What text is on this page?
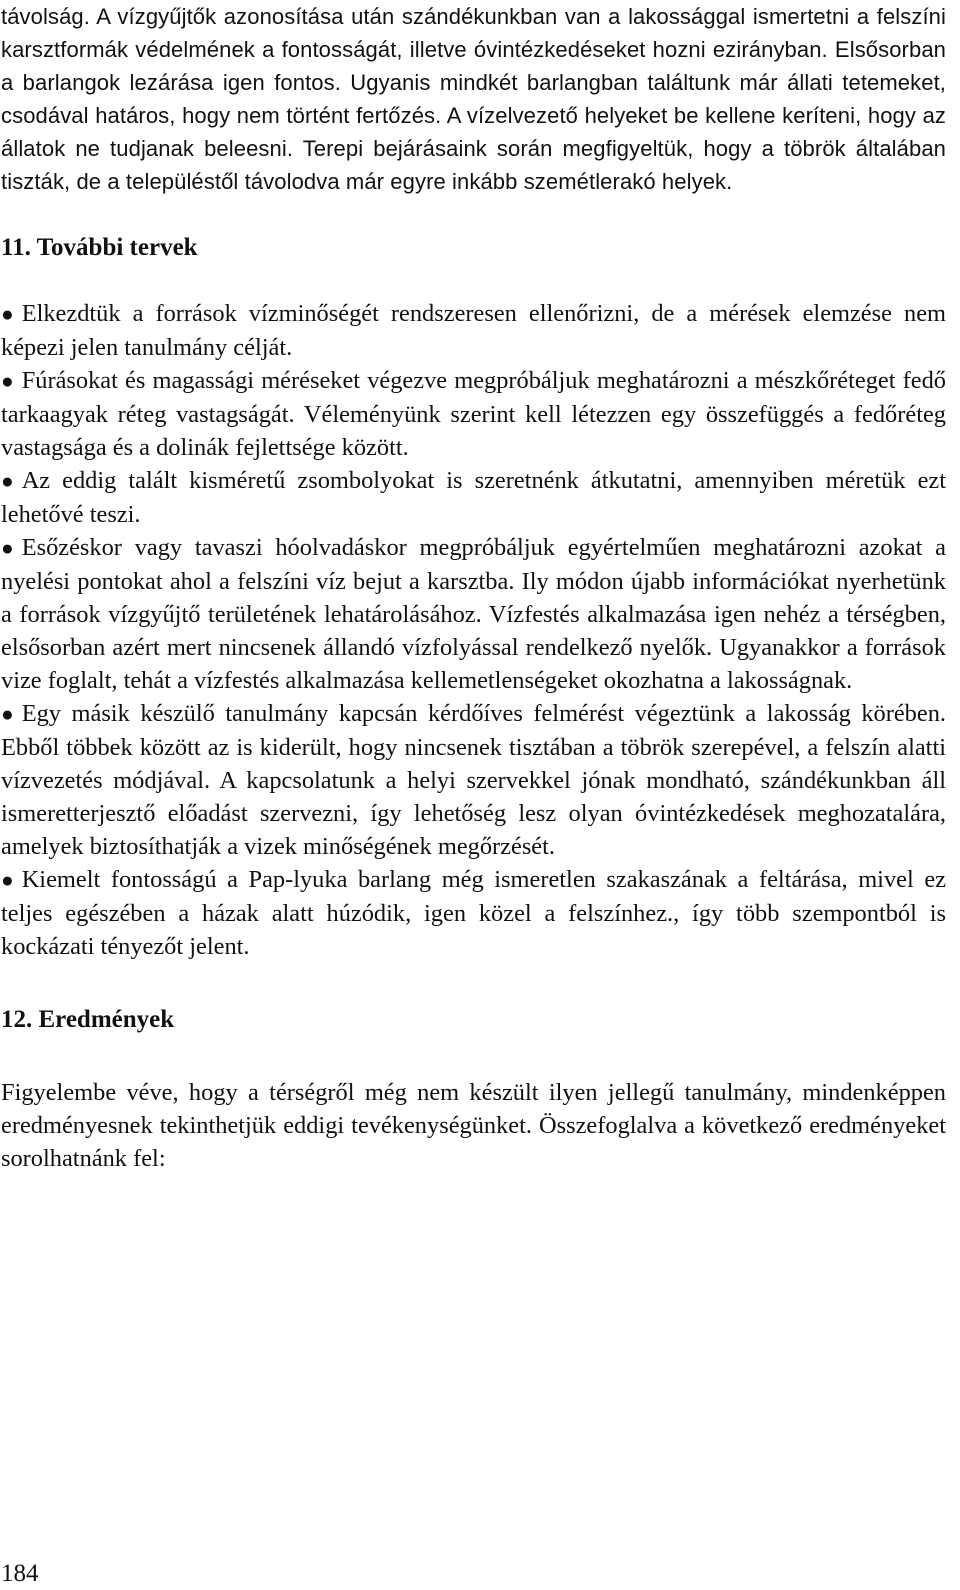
távolság. A vízgyűjtők azonosítása után szándékunkban van a lakossággal ismertetni a felszíni karsztformák védelmének a fontosságát, illetve óvintézkedéseket hozni ezirányban. Elsősorban a barlangok lezárása igen fontos. Ugyanis mindkét barlangban találtunk már állati tetemeket, csodával határos, hogy nem történt fertőzés. A vízelvezető helyeket be kellene keríteni, hogy az állatok ne tudjanak beleesni. Terepi bejárásaink során megfigyeltük, hogy a töbrök általában tiszták, de a településtől távolodva már egyre inkább szemétlerakó helyek.

11. További tervek

● Elkezdtük a források vízminőségét rendszeresen ellenőrizni, de a mérések elemzése nem képezi jelen tanulmány célját.

● Fúrásokat és magassági méréseket végezve megpróbáljuk meghatározni a mészkőréteget fedő tarkaagyak réteg vastagságát. Véleményünk szerint kell létezzen egy összefüggés a fedőréteg vastagsága és a dolinák fejlettsége között.

● Az eddig talált kisméretű zsombolyokat is szeretnénk átkutatni, amennyiben méretük ezt lehetővé teszi.

● Esőzéskor vagy tavaszi hóolvadáskor megpróbáljuk egyértelműen meghatározni azokat a nyelési pontokat ahol a felszíni víz bejut a karsztba. Ily módon újabb információkat nyerhetünk a források vízgyűjtő területének lehatárolásához. Vízfestés alkalmazása igen nehéz a térségben, elsősorban azért mert nincsenek állandó vízfolyással rendelkező nyelők. Ugyanakkor a források vize foglalt, tehát a vízfestés alkalmazása kellemetlenségeket okozhatna a lakosságnak.

● Egy másik készülő tanulmány kapcsán kérdőíves felmérést végeztünk a lakosság körében. Ebből többek között az is kiderült, hogy nincsenek tisztában a töbrök szerepével, a felszín alatti vízvezetés módjával. A kapcsolatunk a helyi szervekkel jónak mondható, szándékunkban áll ismeretterjesztő előadást szervezni, így lehetőség lesz olyan óvintézkedések meghozatalára, amelyek biztosíthatják a vizek minőségének megőrzését.

● Kiemelt fontosságú a Pap-lyuka barlang még ismeretlen szakaszának a feltárása, mivel ez teljes egészében a házak alatt húzódik, igen közel a felszínhez., így több szempontból is kockázati tényezőt jelent.

12. Eredmények

Figyelembe véve, hogy a térségről még nem készült ilyen jellegű tanulmány, mindenképpen eredményesnek tekinthetjük eddigi tevékenységünket. Összefoglalva a következő eredményeket sorolhatnánk fel:

184
